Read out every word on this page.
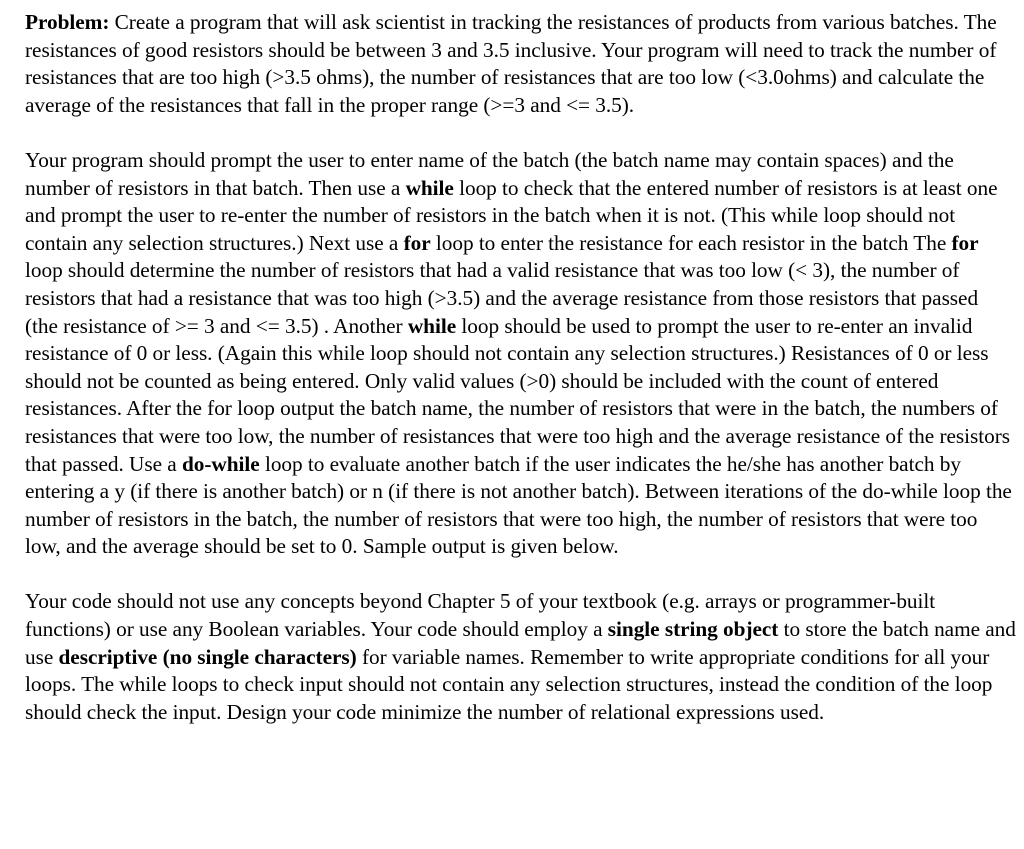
Problem: Create a program that will ask scientist in tracking the resistances of products from various batches. The resistances of good resistors should be between 3 and 3.5 inclusive. Your program will need to track the number of resistances that are too high (>3.5 ohms), the number of resistances that are too low (<3.0ohms) and calculate the average of the resistances that fall in the proper range (>=3 and <= 3.5).

Your program should prompt the user to enter name of the batch (the batch name may contain spaces) and the number of resistors in that batch. Then use a while loop to check that the entered number of resistors is at least one and prompt the user to re-enter the number of resistors in the batch when it is not. (This while loop should not contain any selection structures.) Next use a for loop to enter the resistance for each resistor in the batch The for loop should determine the number of resistors that had a valid resistance that was too low (< 3), the number of resistors that had a resistance that was too high (>3.5) and the average resistance from those resistors that passed (the resistance of >= 3 and <= 3.5) . Another while loop should be used to prompt the user to re-enter an invalid resistance of 0 or less. (Again this while loop should not contain any selection structures.) Resistances of 0 or less should not be counted as being entered. Only valid values (>0) should be included with the count of entered resistances. After the for loop output the batch name, the number of resistors that were in the batch, the numbers of resistances that were too low, the number of resistances that were too high and the average resistance of the resistors that passed. Use a do-while loop to evaluate another batch if the user indicates the he/she has another batch by entering a y (if there is another batch) or n (if there is not another batch). Between iterations of the do-while loop the number of resistors in the batch, the number of resistors that were too high, the number of resistors that were too low, and the average should be set to 0. Sample output is given below.

Your code should not use any concepts beyond Chapter 5 of your textbook (e.g. arrays or programmer-built functions) or use any Boolean variables. Your code should employ a single string object to store the batch name and use descriptive (no single characters) for variable names. Remember to write appropriate conditions for all your loops. The while loops to check input should not contain any selection structures, instead the condition of the loop should check the input. Design your code minimize the number of relational expressions used.
